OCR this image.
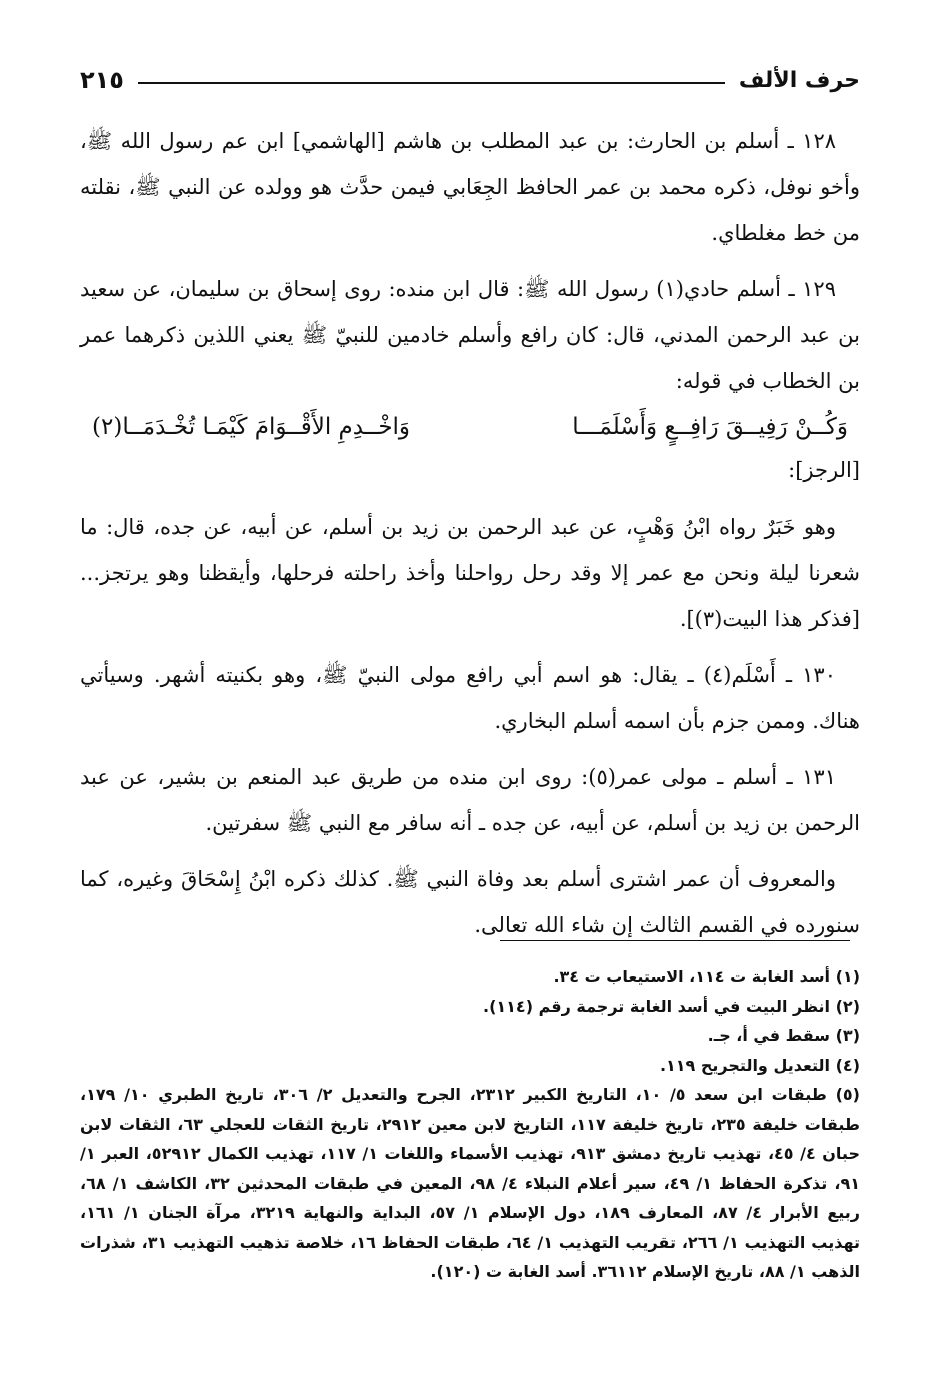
حرف الألف
٢١٥

١٢٨ ـ أسلم بن الحارث: بن عبد المطلب بن هاشم [الهاشمي] ابن عم رسول الله ﷺ، وأخو نوفل، ذكره محمد بن عمر الحافظ الجِعَابي فيمن حدَّث هو وولده عن النبي ﷺ، نقلته من خط مغلطاي.

١٢٩ ـ أسلم حادي(١) رسول الله ﷺ: قال ابن منده: روى إسحاق بن سليمان، عن سعيد بن عبد الرحمن المدني، قال: كان رافع وأسلم خادمين للنبيّ ﷺ يعني اللذين ذكرهما عمر بن الخطاب في قوله:

وَكُــنْ رَفِيــقَ رَافِــعٍ وَأَسْلَمَـــا
وَاخْــدِمِ الأَقْــوَامَ كَيْمَـا تُخْـدَمَــا(٢)
[الرجز]:

وهو خَبَرٌ رواه ابْنُ وَهْبٍ، عن عبد الرحمن بن زيد بن أسلم، عن أبيه، عن جده، قال: ما شعرنا ليلة ونحن مع عمر إلا وقد رحل رواحلنا وأخذ راحلته فرحلها، وأيقظنا وهو يرتجز... [فذكر هذا البيت(٣)].

١٣٠ ـ أَسْلَم(٤) ـ يقال: هو اسم أبي رافع مولى النبيّ ﷺ، وهو بكنيته أشهر. وسيأتي هناك. وممن جزم بأن اسمه أسلم البخاري.

١٣١ ـ أسلم ـ مولى عمر(٥): روى ابن منده من طريق عبد المنعم بن بشير، عن عبد الرحمن بن زيد بن أسلم، عن أبيه، عن جده ـ أنه سافر مع النبي ﷺ سفرتين.

والمعروف أن عمر اشترى أسلم بعد وفاة النبي ﷺ. كذلك ذكره ابْنُ إِسْحَاقَ وغيره، كما سنورده في القسم الثالث إن شاء الله تعالى.

(١) أسد الغابة ت ١١٤، الاستيعاب ت ٣٤.

(٢) انظر البيت في أسد الغابة ترجمة رقم (١١٤).

(٣) سقط في أ، جـ.

(٤) التعديل والتجريح ١١٩.

(٥) طبقات ابن سعد ٥/ ١٠، التاريخ الكبير ٢٣١٢، الجرح والتعديل ٢/ ٣٠٦، تاريخ الطبري ١٠/ ١٧٩، طبقات خليفة ٢٣٥، تاريخ خليفة ١١٧، التاريخ لابن معين ٢٩١٢، تاريخ الثقات للعجلي ٦٣، الثقات لابن حبان ٤/ ٤٥، تهذيب تاريخ دمشق ٩١٣، تهذيب الأسماء واللغات ١/ ١١٧، تهذيب الكمال ٥٢٩١٢، العبر ١/ ٩١، تذكرة الحفاظ ١/ ٤٩، سير أعلام النبلاء ٤/ ٩٨، المعين في طبقات المحدثين ٣٢، الكاشف ١/ ٦٨، ربيع الأبرار ٤/ ٨٧، المعارف ١٨٩، دول الإسلام ١/ ٥٧، البداية والنهاية ٣٢١٩، مرآة الجنان ١/ ١٦١، تهذيب التهذيب ١/ ٢٦٦، تقريب التهذيب ١/ ٦٤، طبقات الحفاظ ١٦، خلاصة تذهيب التهذيب ٣١، شذرات الذهب ١/ ٨٨، تاريخ الإسلام ٣٦١١٢. أسد الغابة ت (١٢٠).
